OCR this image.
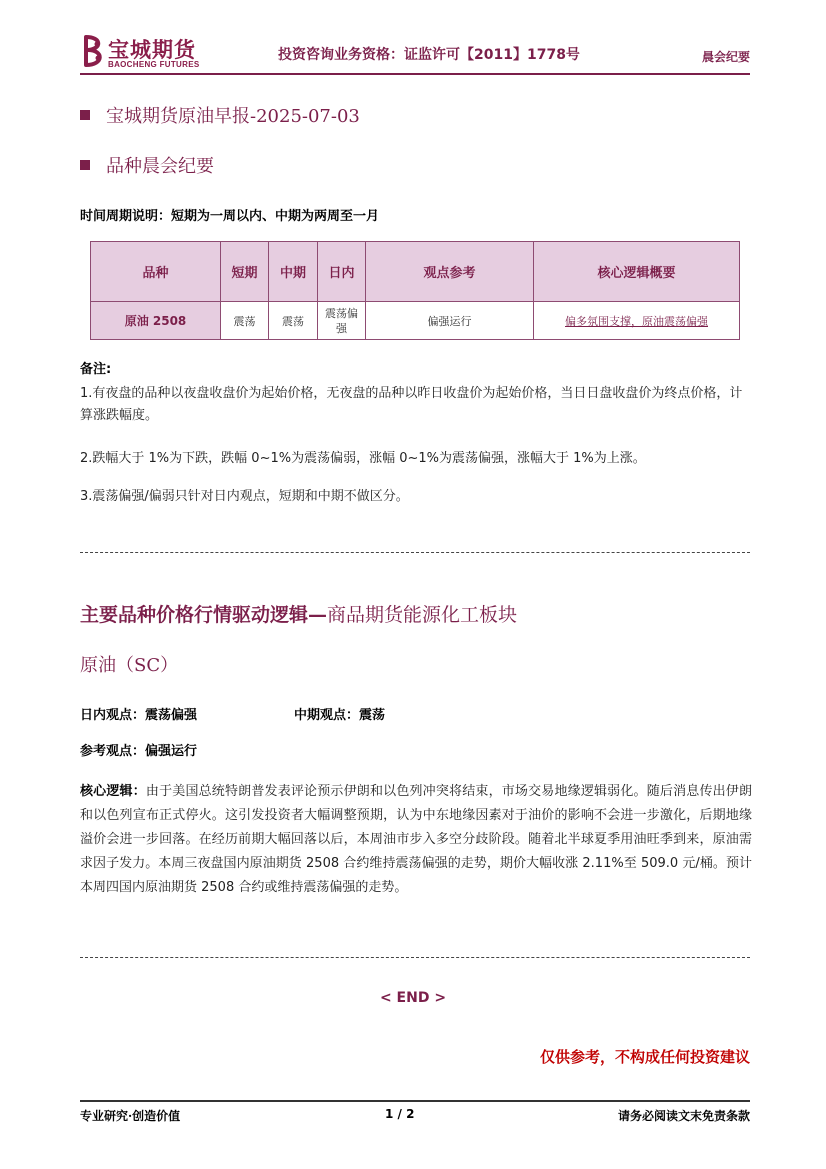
宝城期货
BAOCHENG FUTURES
投资咨询业务资格：证监许可【2011】1778号	晨会纪要
宝城期货原油早报-2025-07-03
品种晨会纪要
时间周期说明：短期为一周以内、中期为两周至一月
品种	短期	中期	日内	观点参考	核心逻辑概要
原油 2508	震荡	震荡	震荡偏强	偏强运行	偏多氛围支撑，原油震荡偏强
备注:
1.有夜盘的品种以夜盘收盘价为起始价格，无夜盘的品种以昨日收盘价为起始价格，当日日盘收盘价为终点价格，计算涨跌幅度。
2.跌幅大于 1%为下跌，跌幅 0~1%为震荡偏弱，涨幅 0~1%为震荡偏强，涨幅大于 1%为上涨。
3.震荡偏强/偏弱只针对日内观点，短期和中期不做区分。
主要品种价格行情驱动逻辑—商品期货能源化工板块
原油（SC）
日内观点：震荡偏强	中期观点：震荡
参考观点：偏强运行
核心逻辑：由于美国总统特朗普发表评论预示伊朗和以色列冲突将结束，市场交易地缘逻辑弱化。随后消息传出伊朗和以色列宣布正式停火。这引发投资者大幅调整预期，认为中东地缘因素对于油价的影响不会进一步激化，后期地缘溢价会进一步回落。在经历前期大幅回落以后，本周油市步入多空分歧阶段。随着北半球夏季用油旺季到来，原油需求因子发力。本周三夜盘国内原油期货 2508 合约维持震荡偏强的走势，期价大幅收涨 2.11%至 509.0 元/桶。预计本周四国内原油期货 2508 合约或维持震荡偏强的走势。
< END >
仅供参考，不构成任何投资建议
专业研究·创造价值	1 / 2	请务必阅读文末免责条款
